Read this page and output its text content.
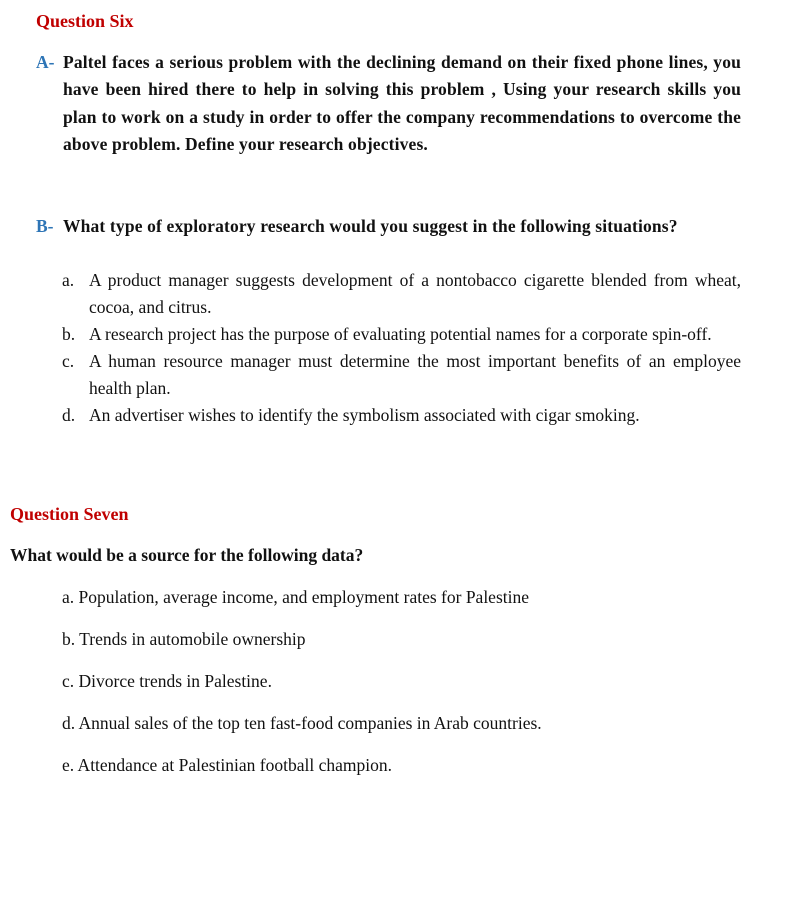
Question Six
A- Paltel faces a serious problem with the declining demand on their fixed phone lines, you have been hired there to help in solving this problem , Using your research skills you plan to work on a study in order to offer the company recommendations to overcome the above problem. Define your research objectives.
B- What type of exploratory research would you suggest in the following situations?
a. A product manager suggests development of a nontobacco cigarette blended from wheat, cocoa, and citrus.
b. A research project has the purpose of evaluating potential names for a corporate spin-off.
c. A human resource manager must determine the most important benefits of an employee health plan.
d. An advertiser wishes to identify the symbolism associated with cigar smoking.
Question Seven
What would be a source for the following data?
a. Population, average income, and employment rates for Palestine
b. Trends in automobile ownership
c. Divorce trends in Palestine.
d. Annual sales of the top ten fast-food companies in Arab countries.
e. Attendance at Palestinian football champion.
